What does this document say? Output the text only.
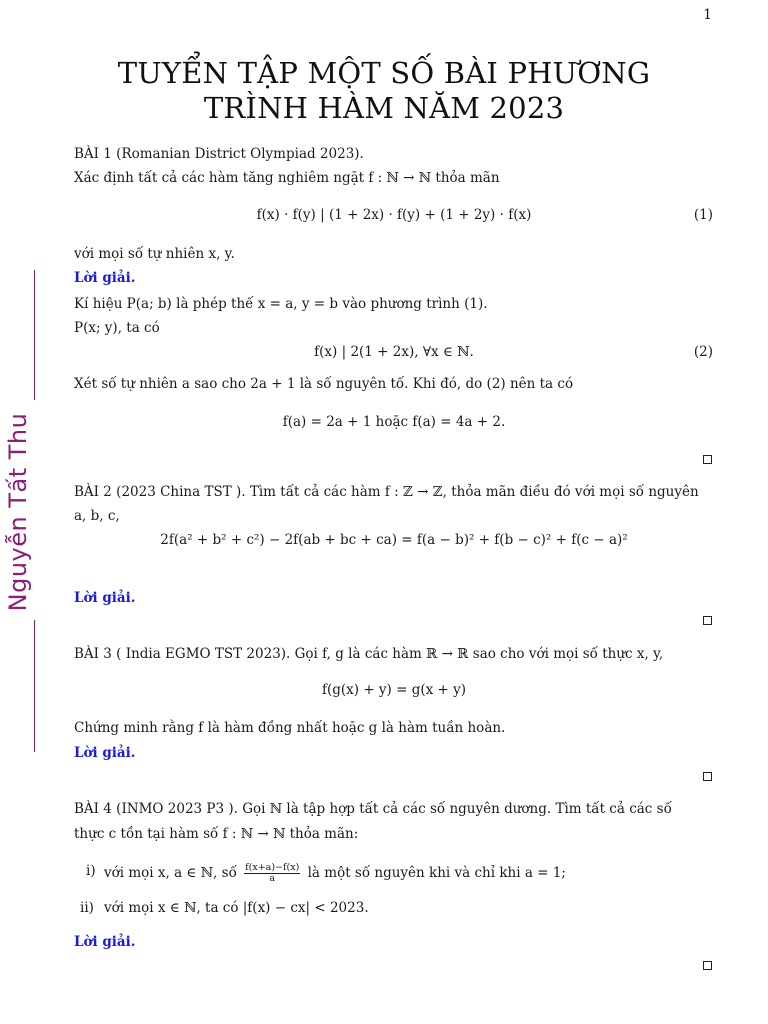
1
TUYỂN TẬP MỘT SỐ BÀI PHƯƠNG
TRÌNH HÀM NĂM 2023
Nguyễn Tất Thu
BÀI 1 (Romanian District Olympiad 2023).
Xác định tất cả các hàm tăng nghiêm ngặt f : ℕ → ℕ thỏa mãn
f(x) · f(y) | (1 + 2x) · f(y) + (1 + 2y) · f(x)	(1)
với mọi số tự nhiên x, y.
Lời giải.
Kí hiệu P(a; b) là phép thế x = a, y = b vào phương trình (1).
P(x; y), ta có
f(x) | 2(1 + 2x), ∀x ∈ ℕ.	(2)
Xét số tự nhiên a sao cho 2a + 1 là số nguyên tố. Khi đó, do (2) nên ta có
f(a) = 2a + 1 hoặc f(a) = 4a + 2.
BÀI 2 (2023 China TST ). Tìm tất cả các hàm f : ℤ → ℤ, thỏa mãn điều đó với mọi số nguyên
a, b, c,
2f(a² + b² + c²) − 2f(ab + bc + ca) = f(a − b)² + f(b − c)² + f(c − a)²
Lời giải.
BÀI 3 ( India EGMO TST 2023). Gọi f, g là các hàm ℝ → ℝ sao cho với mọi số thực x, y,
f(g(x) + y) = g(x + y)
Chứng minh rằng f là hàm đồng nhất hoặc g là hàm tuần hoàn.
Lời giải.
BÀI 4 (INMO 2023 P3 ). Gọi ℕ là tập hợp tất cả các số nguyên dương. Tìm tất cả các số
thực c tồn tại hàm số f : ℕ → ℕ thỏa mãn:
i) với mọi x, a ∈ ℕ, số $\frac{f(x+a)-f(x)}{a}$ là một số nguyên khi và chỉ khi a = 1;
ii) với mọi x ∈ ℕ, ta có |f(x) − cx| < 2023.
Lời giải.
